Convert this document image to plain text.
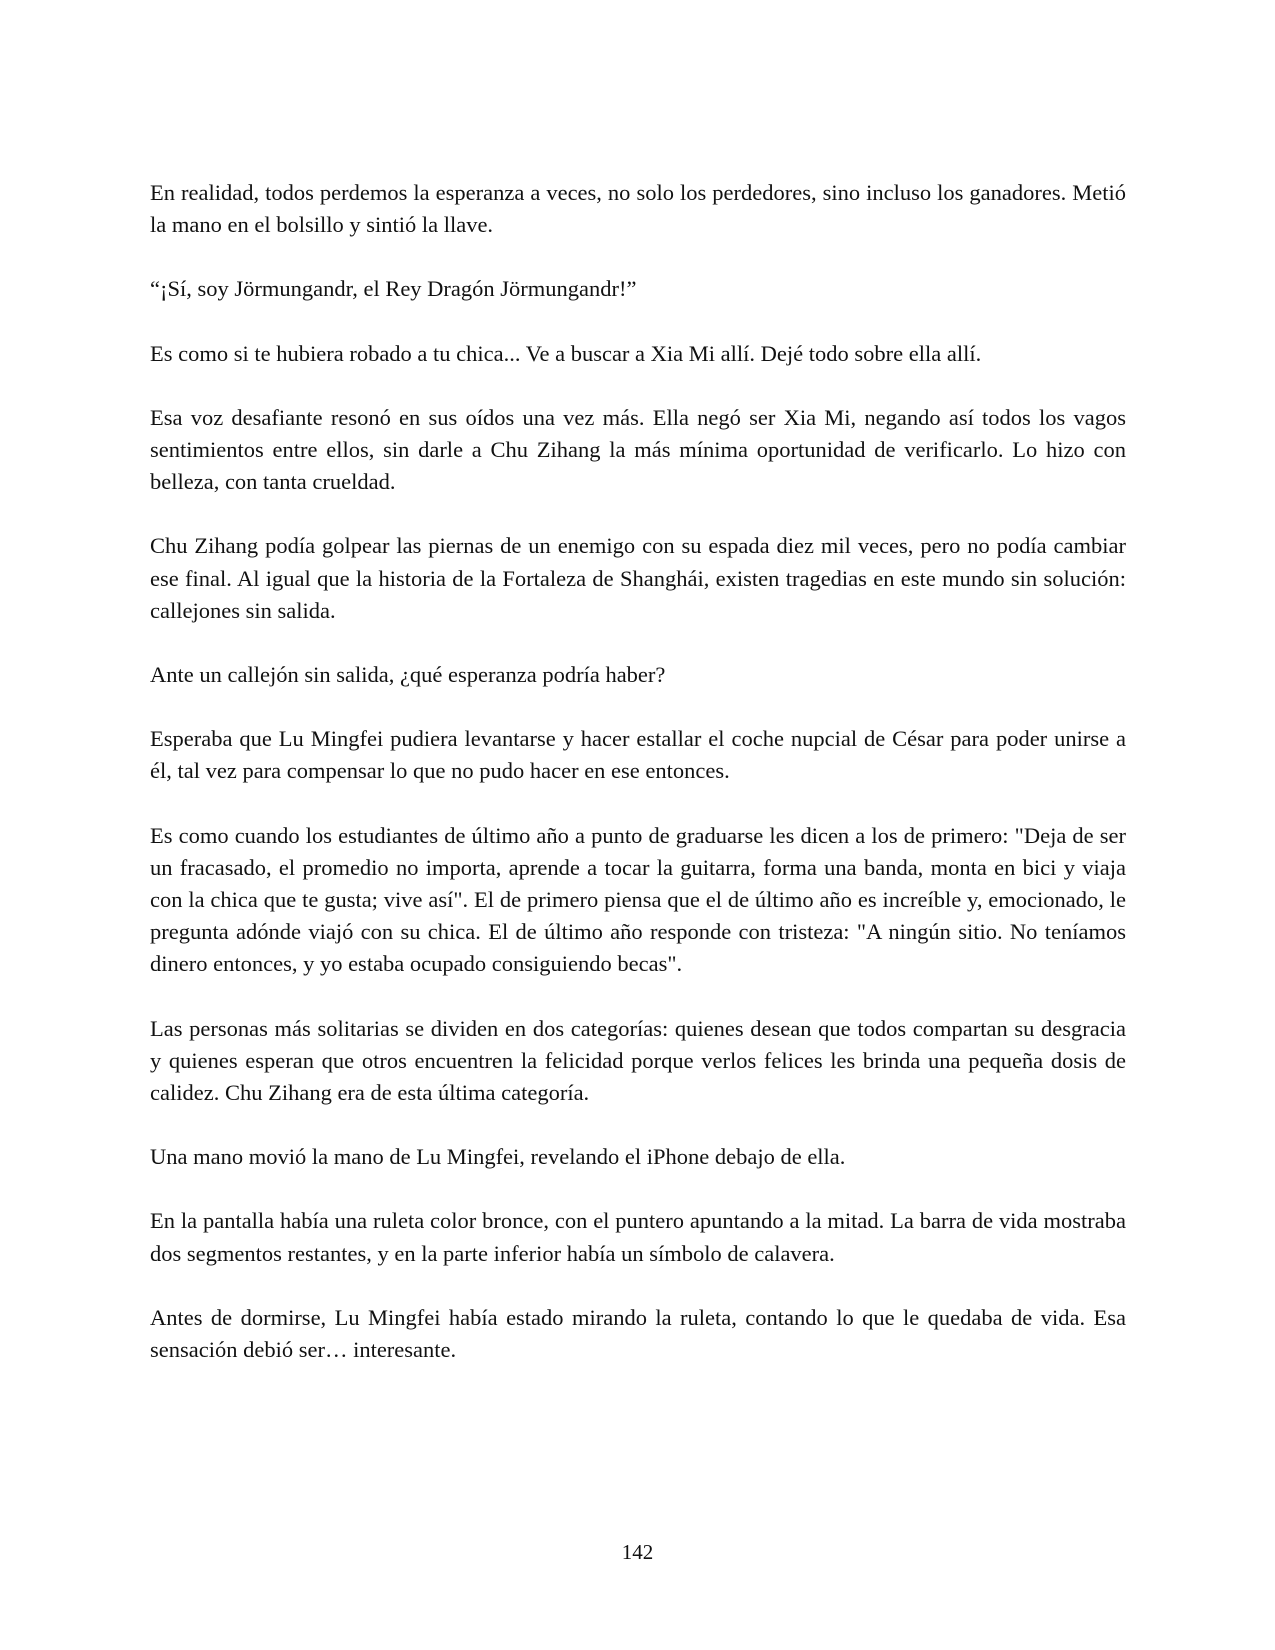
En realidad, todos perdemos la esperanza a veces, no solo los perdedores, sino incluso los ganadores. Metió la mano en el bolsillo y sintió la llave.

“¡Sí, soy Jörmungandr, el Rey Dragón Jörmungandr!”

Es como si te hubiera robado a tu chica... Ve a buscar a Xia Mi allí. Dejé todo sobre ella allí.

Esa voz desafiante resonó en sus oídos una vez más. Ella negó ser Xia Mi, negando así todos los vagos sentimientos entre ellos, sin darle a Chu Zihang la más mínima oportunidad de verificarlo. Lo hizo con belleza, con tanta crueldad.

Chu Zihang podía golpear las piernas de un enemigo con su espada diez mil veces, pero no podía cambiar ese final. Al igual que la historia de la Fortaleza de Shanghái, existen tragedias en este mundo sin solución: callejones sin salida.

Ante un callejón sin salida, ¿qué esperanza podría haber?

Esperaba que Lu Mingfei pudiera levantarse y hacer estallar el coche nupcial de César para poder unirse a él, tal vez para compensar lo que no pudo hacer en ese entonces.

Es como cuando los estudiantes de último año a punto de graduarse les dicen a los de primero: "Deja de ser un fracasado, el promedio no importa, aprende a tocar la guitarra, forma una banda, monta en bici y viaja con la chica que te gusta; vive así". El de primero piensa que el de último año es increíble y, emocionado, le pregunta adónde viajó con su chica. El de último año responde con tristeza: "A ningún sitio. No teníamos dinero entonces, y yo estaba ocupado consiguiendo becas".

Las personas más solitarias se dividen en dos categorías: quienes desean que todos compartan su desgracia y quienes esperan que otros encuentren la felicidad porque verlos felices les brinda una pequeña dosis de calidez. Chu Zihang era de esta última categoría.

Una mano movió la mano de Lu Mingfei, revelando el iPhone debajo de ella.

En la pantalla había una ruleta color bronce, con el puntero apuntando a la mitad. La barra de vida mostraba dos segmentos restantes, y en la parte inferior había un símbolo de calavera.

Antes de dormirse, Lu Mingfei había estado mirando la ruleta, contando lo que le quedaba de vida. Esa sensación debió ser… interesante.

142
